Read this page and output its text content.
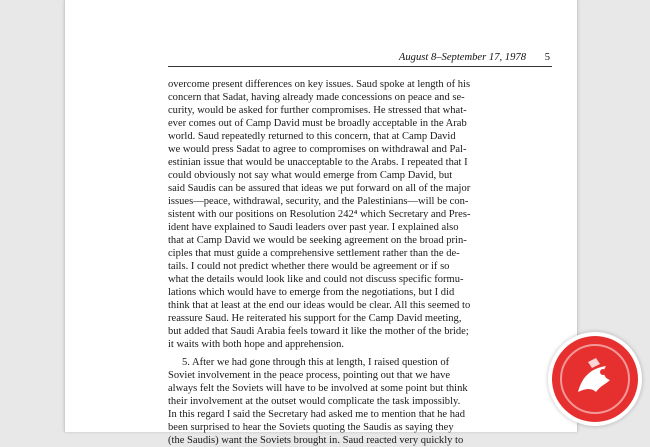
August 8–September 17, 1978 5
overcome present differences on key issues. Saud spoke at length of his
concern that Sadat, having already made concessions on peace and se-
curity, would be asked for further compromises. He stressed that what-
ever comes out of Camp David must be broadly acceptable in the Arab
world. Saud repeatedly returned to this concern, that at Camp David
we would press Sadat to agree to compromises on withdrawal and Pal-
estinian issue that would be unacceptable to the Arabs. I repeated that I
could obviously not say what would emerge from Camp David, but
said Saudis can be assured that ideas we put forward on all of the major
issues—peace, withdrawal, security, and the Palestinians—will be con-
sistent with our positions on Resolution 242⁴ which Secretary and Pres-
ident have explained to Saudi leaders over past year. I explained also
that at Camp David we would be seeking agreement on the broad prin-
ciples that must guide a comprehensive settlement rather than the de-
tails. I could not predict whether there would be agreement or if so
what the details would look like and could not discuss specific formu-
lations which would have to emerge from the negotiations, but I did
think that at least at the end our ideas would be clear. All this seemed to
reassure Saud. He reiterated his support for the Camp David meeting,
but added that Saudi Arabia feels toward it like the mother of the bride;
it waits with both hope and apprehension.
5. After we had gone through this at length, I raised question of
Soviet involvement in the peace process, pointing out that we have
always felt the Soviets will have to be involved at some point but think
their involvement at the outset would complicate the task impossibly.
In this regard I said the Secretary had asked me to mention that he had
been surprised to hear the Soviets quoting the Saudis as saying they
(the Saudis) want the Soviets brought in. Saud reacted very quickly to
